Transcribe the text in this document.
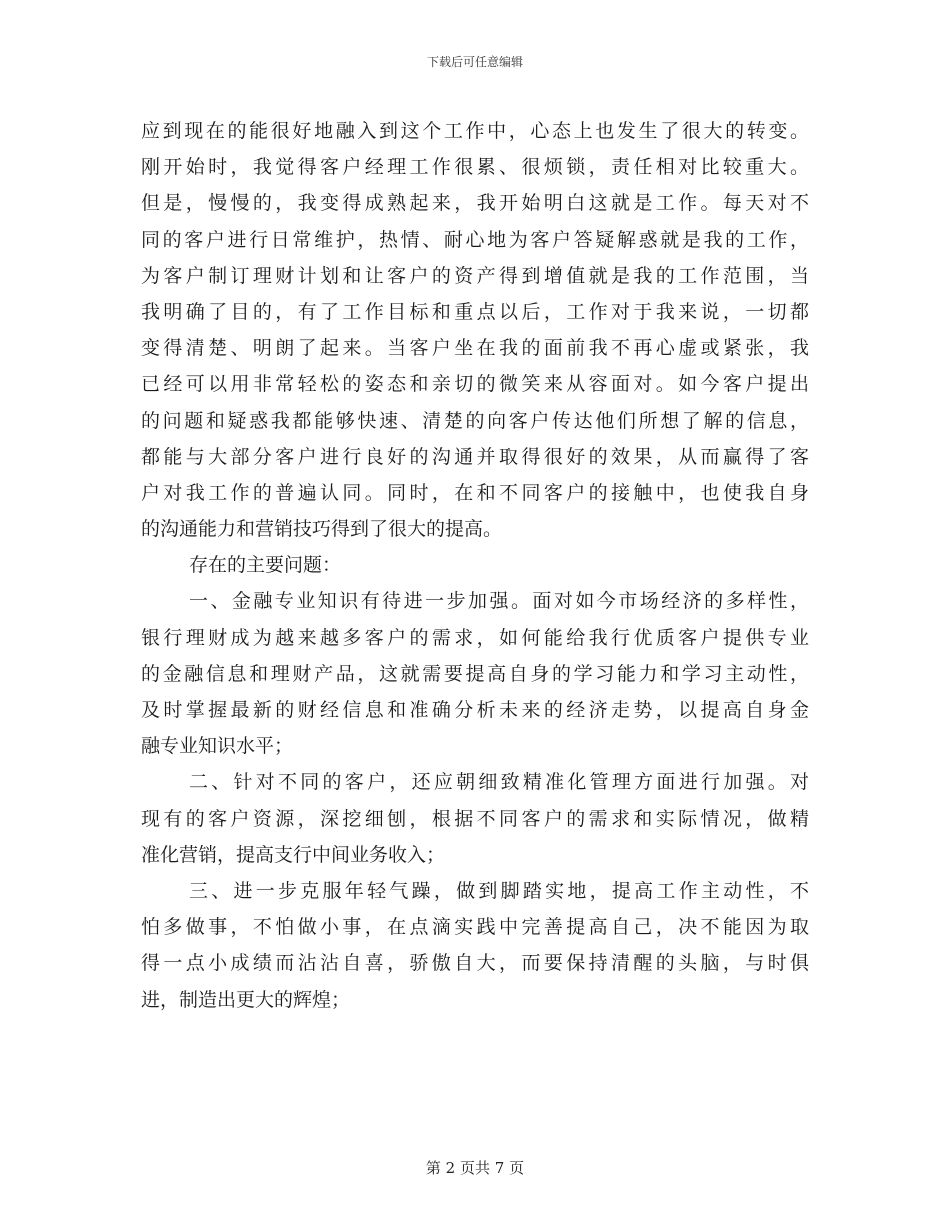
下载后可任意编辑
应到现在的能很好地融入到这个工作中，心态上也发生了很大的转变。
刚开始时，我觉得客户经理工作很累、很烦锁，责任相对比较重大。
但是，慢慢的，我变得成熟起来，我开始明白这就是工作。每天对不
同的客户进行日常维护，热情、耐心地为客户答疑解惑就是我的工作，
为客户制订理财计划和让客户的资产得到增值就是我的工作范围，当
我明确了目的，有了工作目标和重点以后，工作对于我来说，一切都
变得清楚、明朗了起来。当客户坐在我的面前我不再心虚或紧张，我
已经可以用非常轻松的姿态和亲切的微笑来从容面对。如今客户提出
的问题和疑惑我都能够快速、清楚的向客户传达他们所想了解的信息，
都能与大部分客户进行良好的沟通并取得很好的效果，从而赢得了客
户对我工作的普遍认同。同时，在和不同客户的接触中，也使我自身
的沟通能力和营销技巧得到了很大的提高。
存在的主要问题：
一、金融专业知识有待进一步加强。面对如今市场经济的多样性，
银行理财成为越来越多客户的需求，如何能给我行优质客户提供专业
的金融信息和理财产品，这就需要提高自身的学习能力和学习主动性，
及时掌握最新的财经信息和准确分析未来的经济走势，以提高自身金
融专业知识水平；
二、针对不同的客户，还应朝细致精准化管理方面进行加强。对
现有的客户资源，深挖细刨，根据不同客户的需求和实际情况，做精
准化营销，提高支行中间业务收入；
三、进一步克服年轻气躁，做到脚踏实地，提高工作主动性，不
怕多做事，不怕做小事，在点滴实践中完善提高自己，决不能因为取
得一点小成绩而沾沾自喜，骄傲自大，而要保持清醒的头脑，与时俱
进，制造出更大的辉煌；
第 2 页共 7 页
